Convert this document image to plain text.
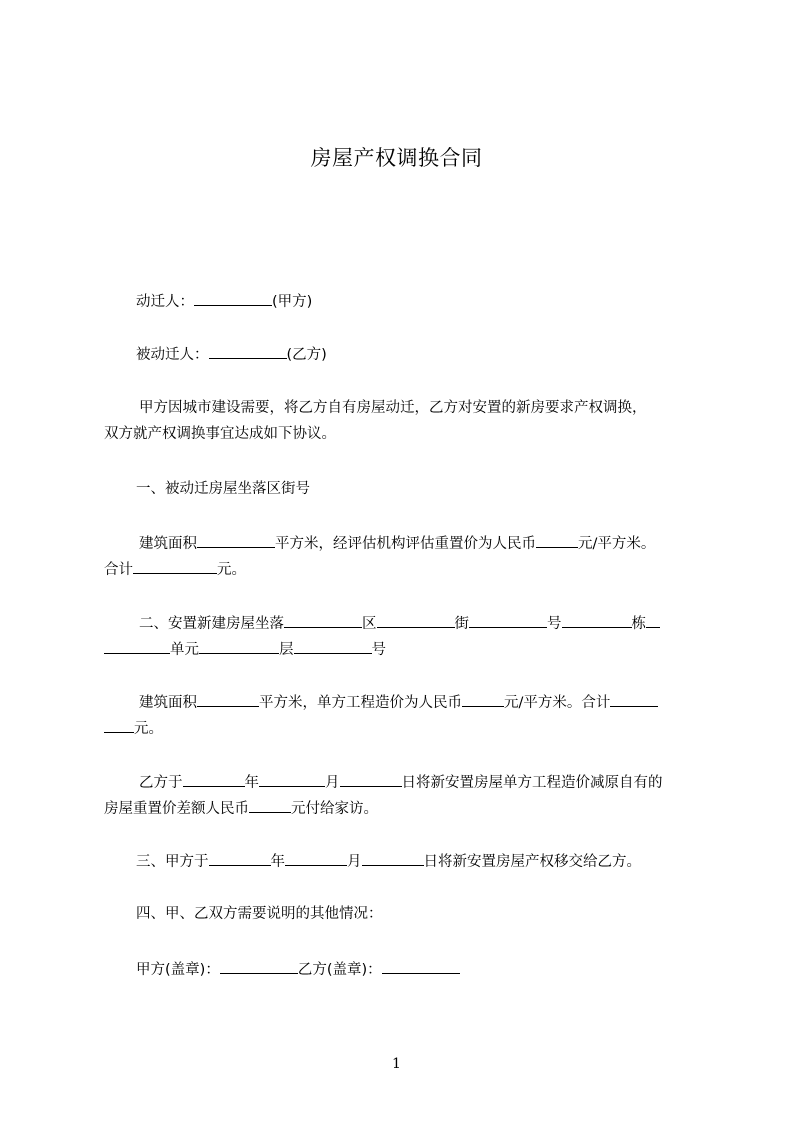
房屋产权调换合同
动迁人：	(甲方)
被动迁人：	(乙方)
甲方因城市建设需要，将乙方自有房屋动迁，乙方对安置的新房要求产权调换，
双方就产权调换事宜达成如下协议。
一、被动迁房屋坐落区街号
建筑面积	平方米，经评估机构评估重置价为人民币	元/平方米。
合计	元。
二、安置新建房屋坐落	区	街	号	栋
单元	层	号
建筑面积	平方米，单方工程造价为人民币	元/平方米。合计
元。
乙方于	年	月	日将新安置房屋单方工程造价减原自有的
房屋重置价差额人民币	元付给家访。
三、甲方于	年	月	日将新安置房屋产权移交给乙方。
四、甲、乙双方需要说明的其他情况：
甲方(盖章)：	乙方(盖章)：
1
